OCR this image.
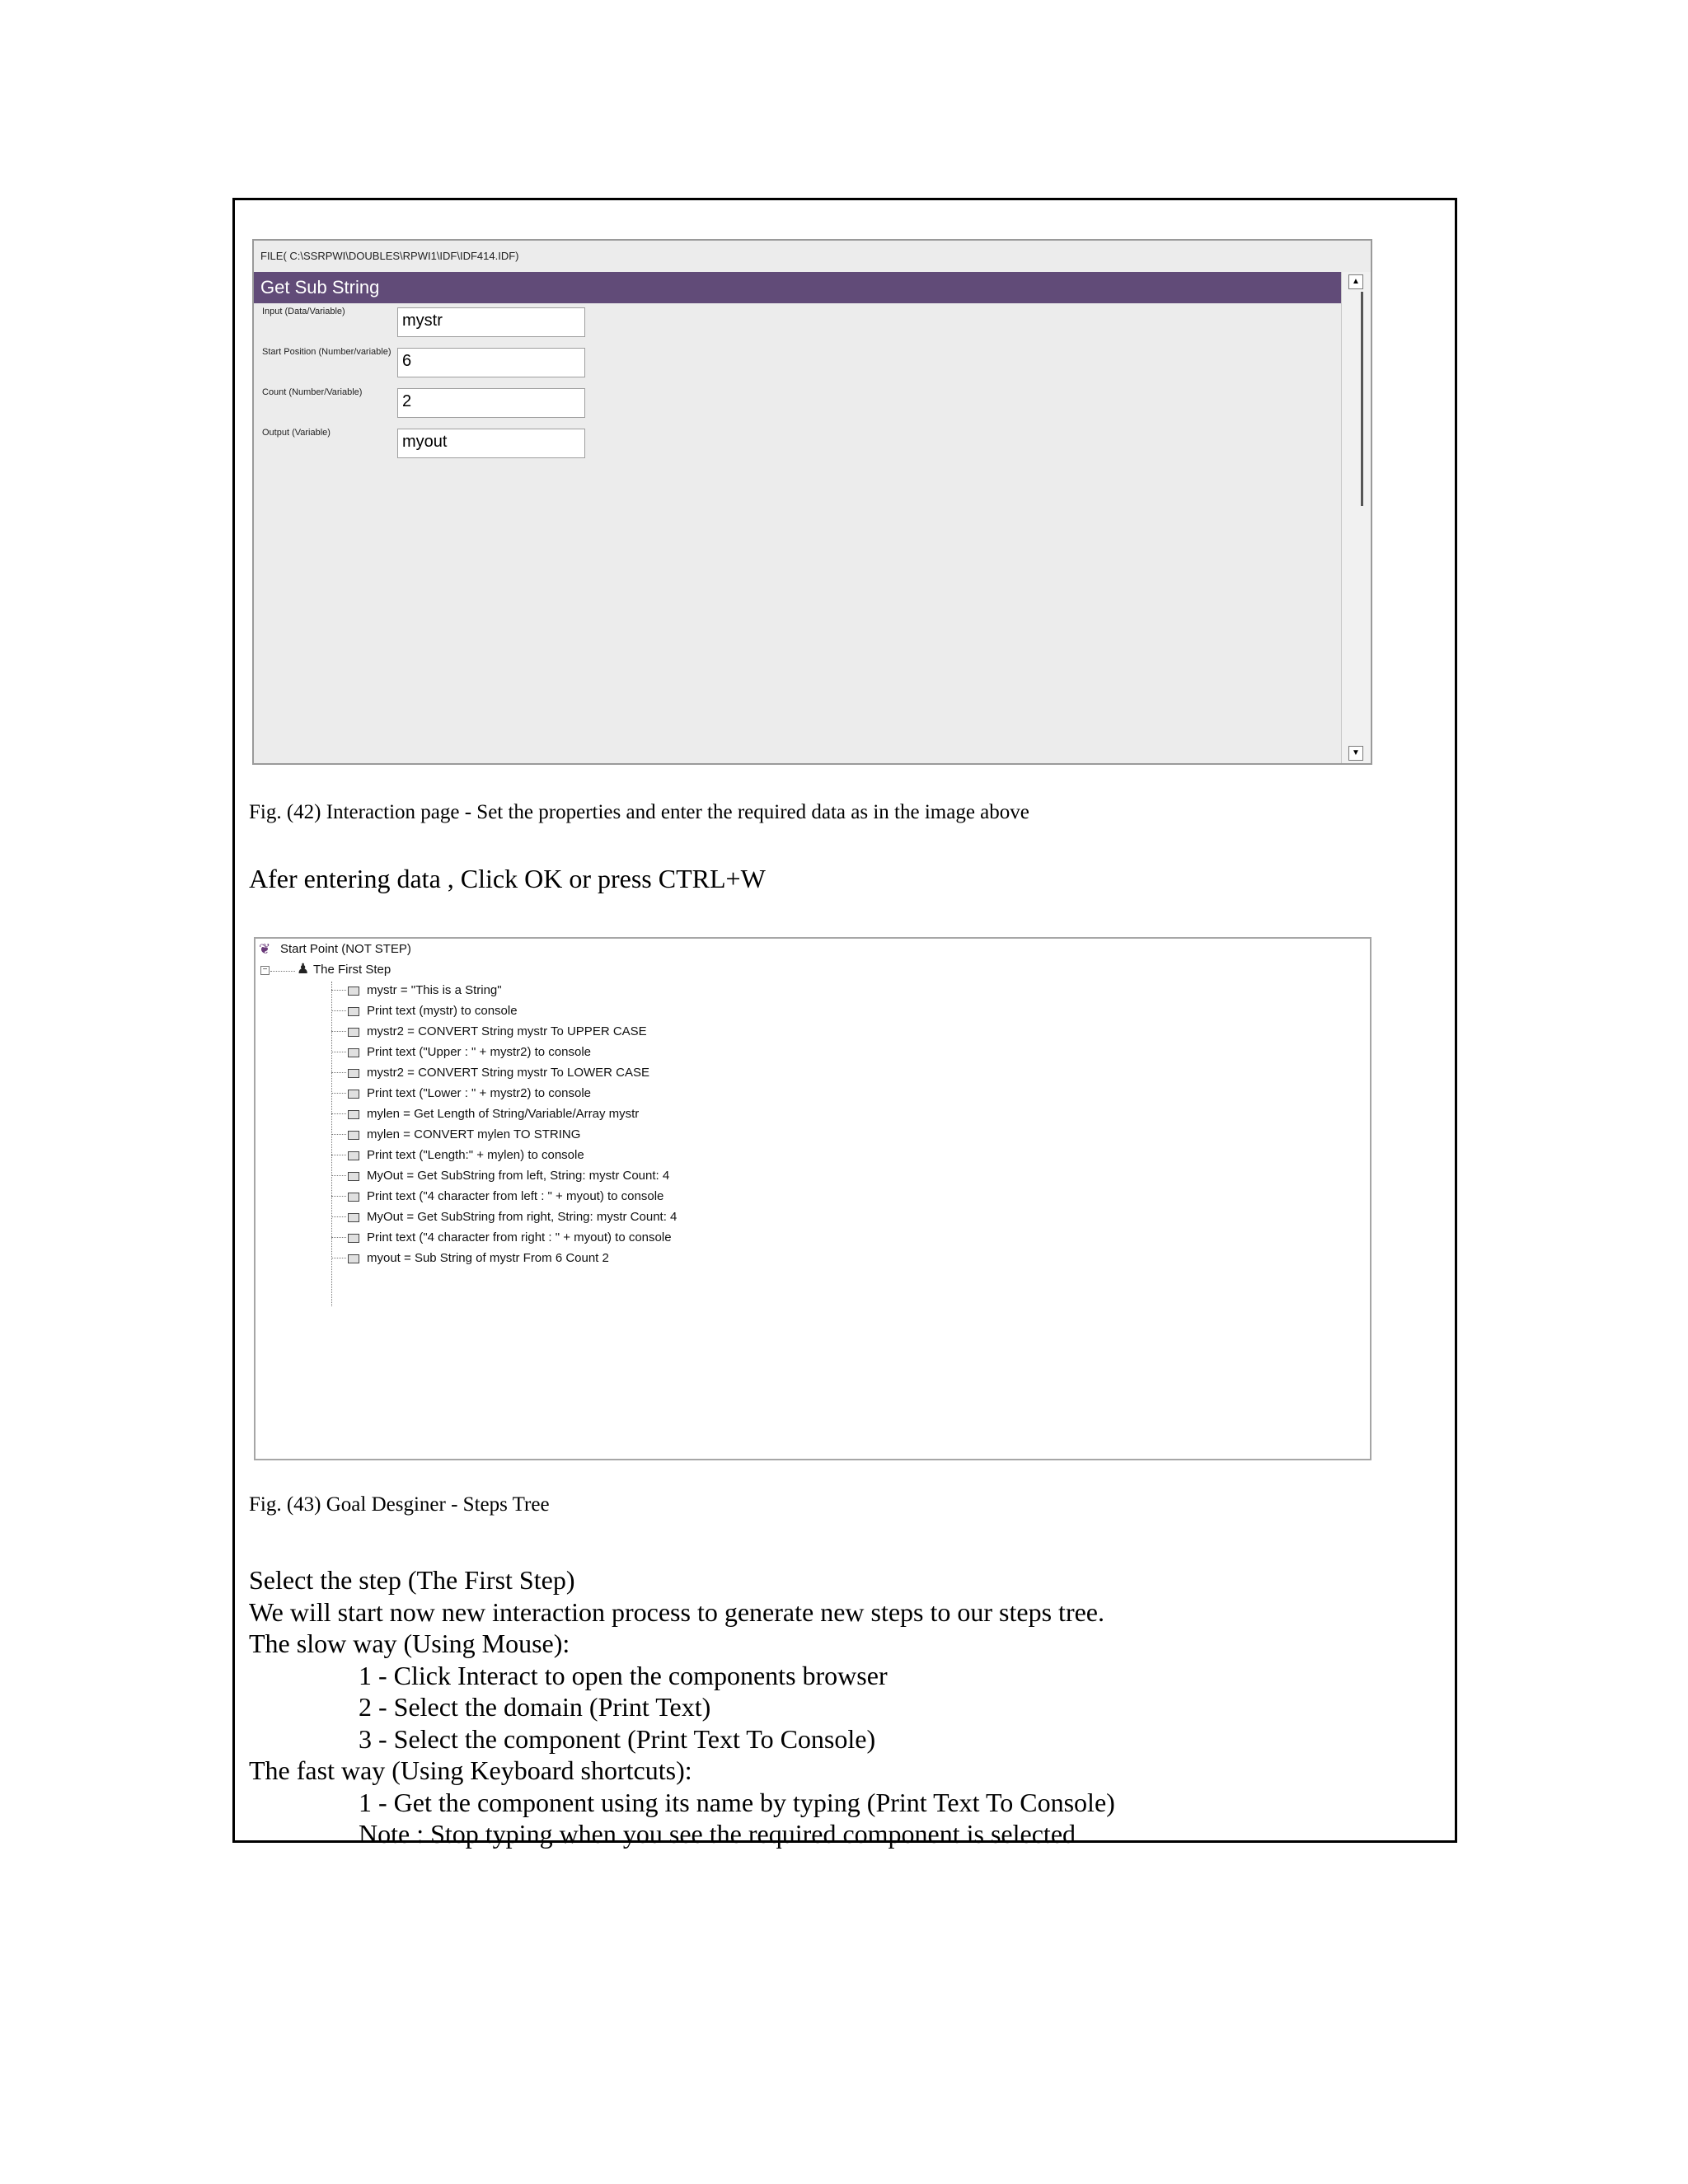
FILE( C:\SSRPWI\DOUBLES\RPWI1\IDF\IDF414.IDF)
Get Sub String
Input (Data/Variable)	mystr
Start Position (Number/variable) 6
Count (Number/Variable)	2
Output (Variable)	myout
▲
▼
Fig. (42) Interaction page - Set the properties and enter the required data as in the image above
Afer entering data , Click OK or press CTRL+W
❦ Start Point (NOT STEP)
− ♟ The First Step
mystr = "This is a String"
Print text (mystr) to console
mystr2 = CONVERT String mystr To UPPER CASE
Print text ("Upper : " + mystr2) to console
mystr2 = CONVERT String mystr To LOWER CASE
Print text ("Lower : " + mystr2) to console
mylen = Get Length of String/Variable/Array mystr
mylen = CONVERT mylen TO STRING
Print text ("Length:" + mylen) to console
MyOut = Get SubString from left, String: mystr Count: 4
Print text ("4 character from left : " + myout) to console
MyOut = Get SubString from right, String: mystr Count: 4
Print text ("4 character from right : " + myout) to console
myout = Sub String of mystr From 6 Count 2
Fig. (43) Goal Desginer - Steps Tree
Select the step (The First Step)
We will start now new interaction process to generate new steps to our steps tree.
The slow way (Using Mouse):
1 - Click Interact to open the components browser
2 - Select the domain (Print Text)
3 - Select the component (Print Text To Console)
The fast way (Using Keyboard shortcuts):
1 - Get the component using its name by typing (Print Text To Console)
Note : Stop typing when you see the required component is selected
